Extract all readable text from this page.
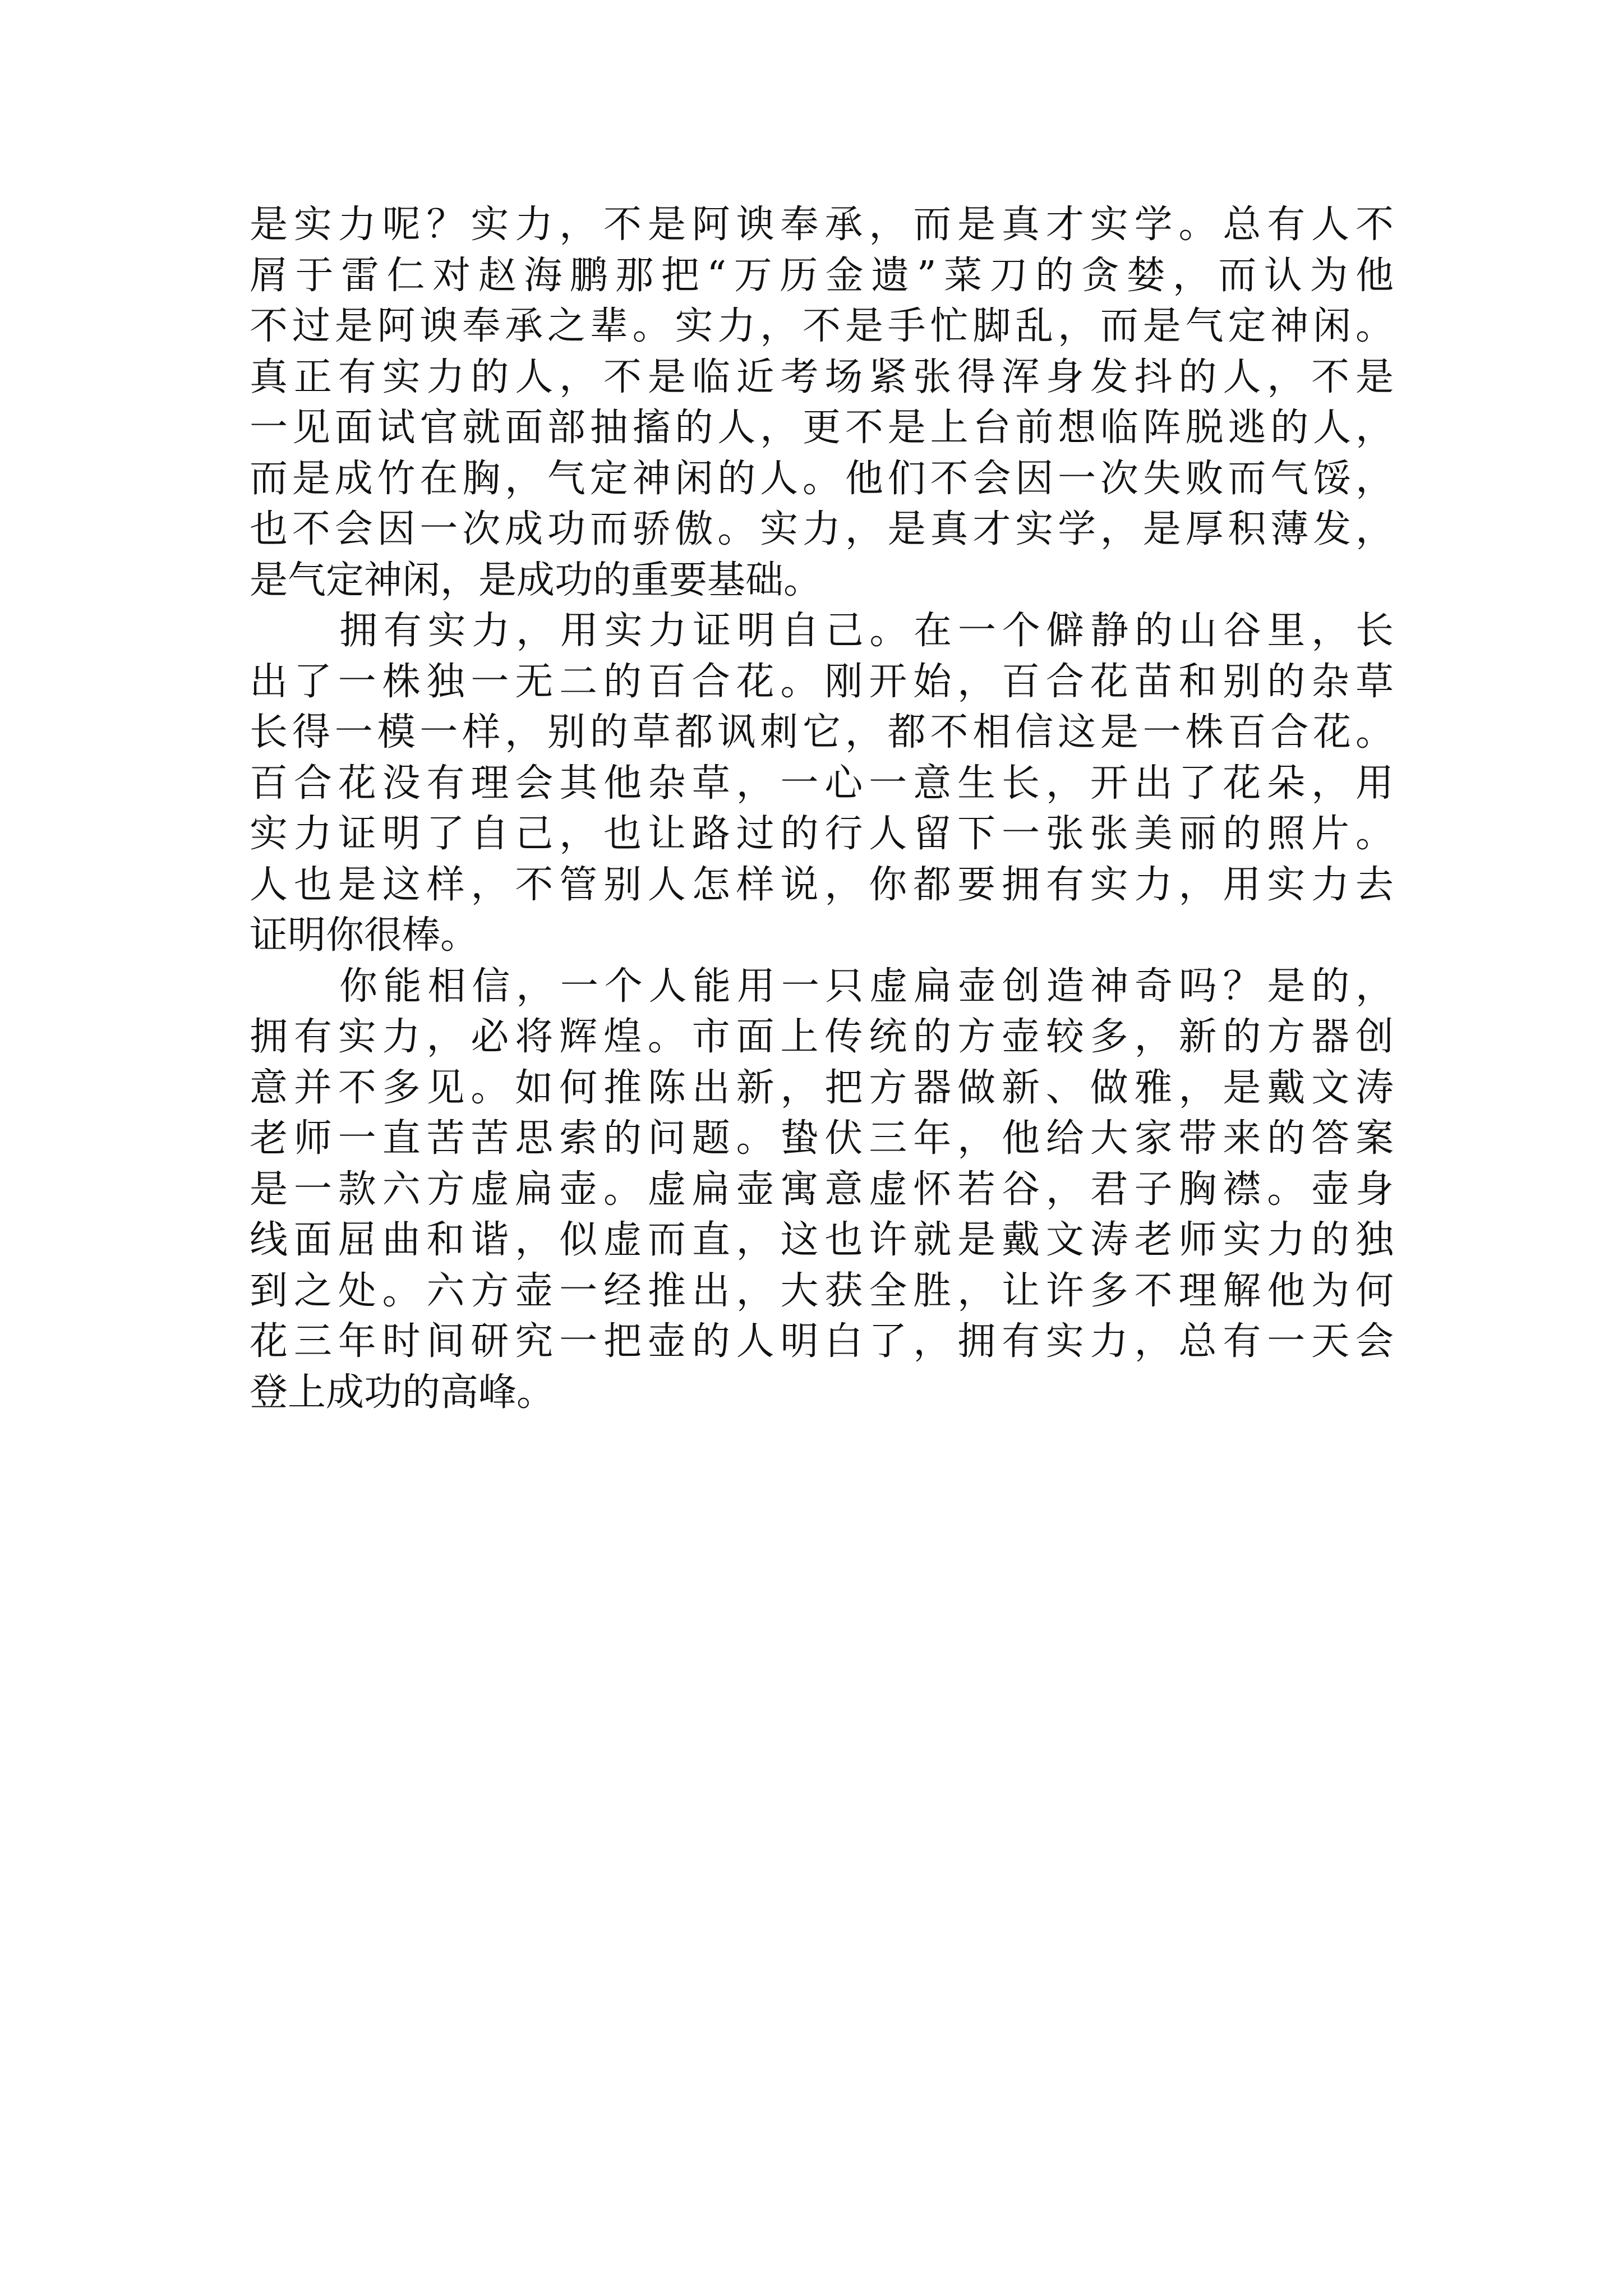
是实力呢？实力，不是阿谀奉承，而是真才实学。总有人不
屑于雷仁对赵海鹏那把“万历金遗”菜刀的贪婪，而认为他
不过是阿谀奉承之辈。实力，不是手忙脚乱，而是气定神闲。
真正有实力的人，不是临近考场紧张得浑身发抖的人，不是
一见面试官就面部抽搐的人，更不是上台前想临阵脱逃的人，
而是成竹在胸，气定神闲的人。他们不会因一次失败而气馁，
也不会因一次成功而骄傲。实力，是真才实学，是厚积薄发，
是气定神闲，是成功的重要基础。
拥有实力，用实力证明自己。在一个僻静的山谷里，长
出了一株独一无二的百合花。刚开始，百合花苗和别的杂草
长得一模一样，别的草都讽刺它，都不相信这是一株百合花。
百合花没有理会其他杂草，一心一意生长，开出了花朵，用
实力证明了自己，也让路过的行人留下一张张美丽的照片。
人也是这样，不管别人怎样说，你都要拥有实力，用实力去
证明你很棒。
你能相信，一个人能用一只虚扁壶创造神奇吗？是的，
拥有实力，必将辉煌。市面上传统的方壶较多，新的方器创
意并不多见。如何推陈出新，把方器做新、做雅，是戴文涛
老师一直苦苦思索的问题。蛰伏三年，他给大家带来的答案
是一款六方虚扁壶。虚扁壶寓意虚怀若谷，君子胸襟。壶身
线面屈曲和谐，似虚而直，这也许就是戴文涛老师实力的独
到之处。六方壶一经推出，大获全胜，让许多不理解他为何
花三年时间研究一把壶的人明白了，拥有实力，总有一天会
登上成功的高峰。
